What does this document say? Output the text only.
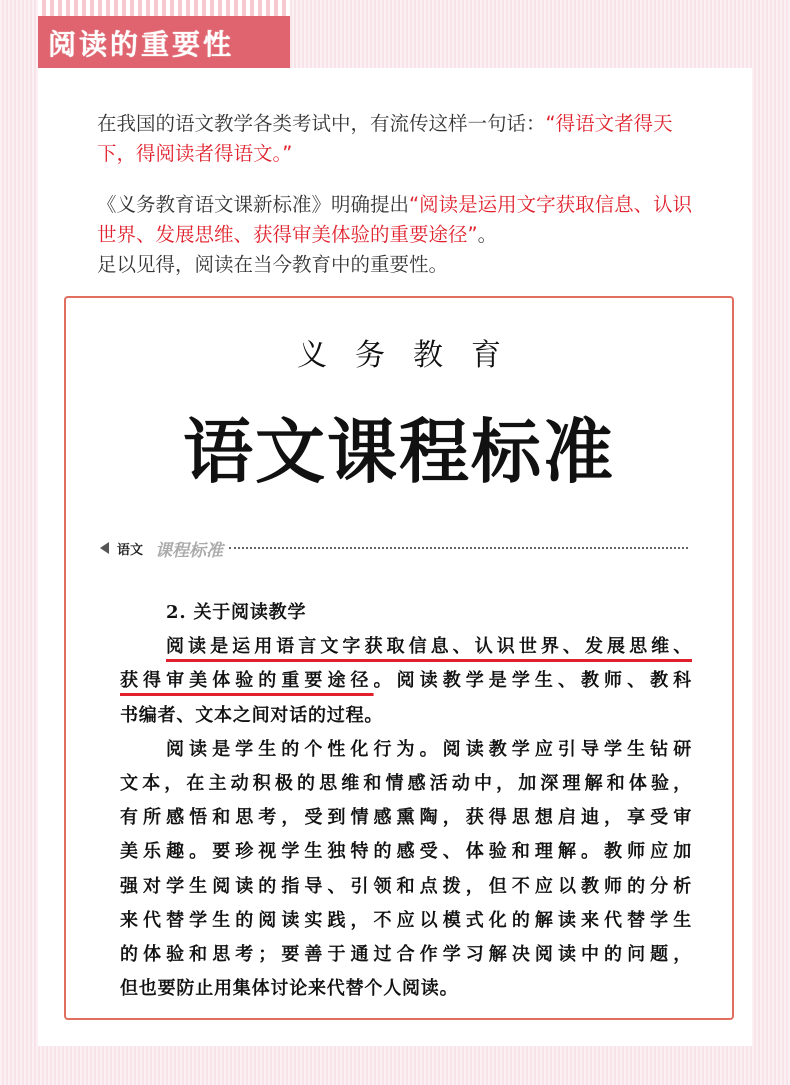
阅读的重要性
在我国的语文教学各类考试中，有流传这样一句话：“得语文者得天下，得阅读者得语文。”
《义务教育语文课新标准》明确提出“阅读是运用文字获取信息、认识世界、发展思维、获得审美体验的重要途径”。
足以见得，阅读在当今教育中的重要性。
义务教育
语文课程标准
语文 课程标准
2. 关于阅读教学
阅读是运用语言文字获取信息、认识世界、发展思维、
获得审美体验的重要途径。阅读教学是学生、教师、教科
书编者、文本之间对话的过程。
阅读是学生的个性化行为。阅读教学应引导学生钻研
文本，在主动积极的思维和情感活动中，加深理解和体验，
有所感悟和思考，受到情感熏陶，获得思想启迪，享受审
美乐趣。要珍视学生独特的感受、体验和理解。教师应加
强对学生阅读的指导、引领和点拨，但不应以教师的分析
来代替学生的阅读实践，不应以模式化的解读来代替学生
的体验和思考；要善于通过合作学习解决阅读中的问题，
但也要防止用集体讨论来代替个人阅读。
